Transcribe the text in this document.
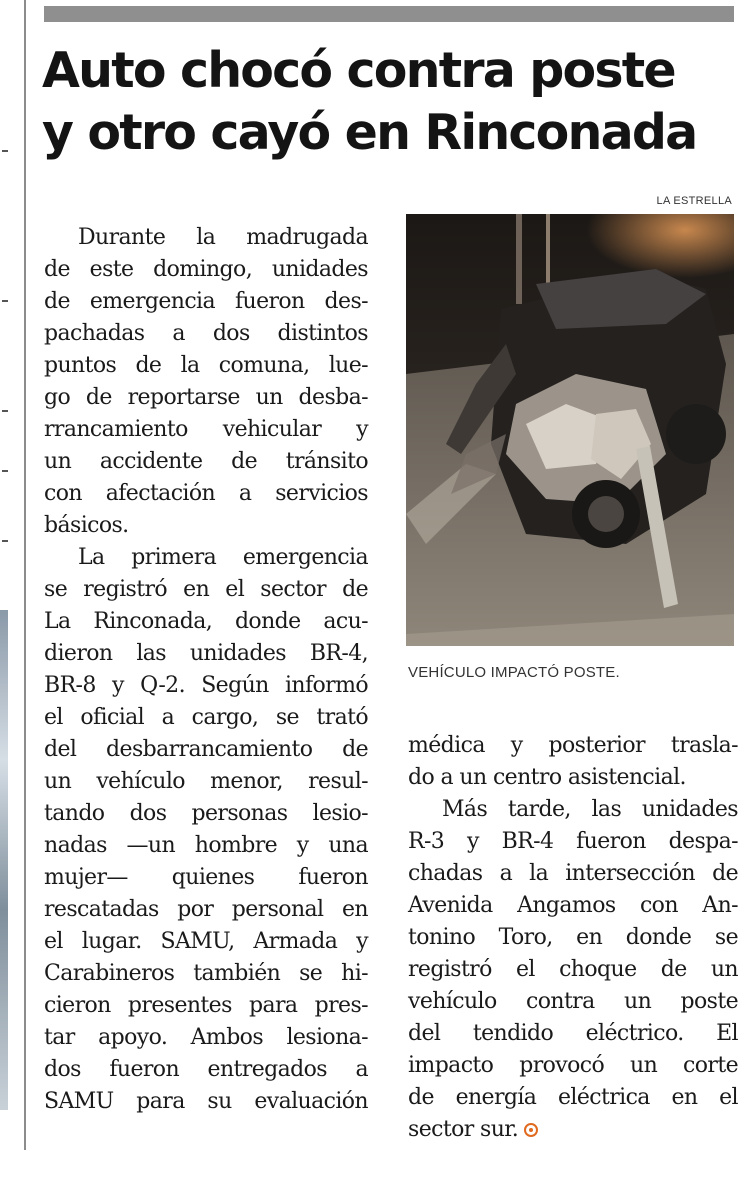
Auto chocó contra poste
y otro cayó en Rinconada
LA ESTRELLA
VEHÍCULO IMPACTÓ POSTE.
Durante la madrugada
de este domingo, unidades
de emergencia fueron des-
pachadas a dos distintos
puntos de la comuna, lue-
go de reportarse un desba-
rrancamiento vehicular y
un accidente de tránsito
con afectación a servicios
básicos.
La primera emergencia
se registró en el sector de
La Rinconada, donde acu-
dieron las unidades BR-4,
BR-8 y Q-2. Según informó
el oficial a cargo, se trató
del desbarrancamiento de
un vehículo menor, resul-
tando dos personas lesio-
nadas —un hombre y una
mujer— quienes fueron
rescatadas por personal en
el lugar. SAMU, Armada y
Carabineros también se hi-
cieron presentes para pres-
tar apoyo. Ambos lesiona-
dos fueron entregados a
SAMU para su evaluación
médica y posterior trasla-
do a un centro asistencial.
Más tarde, las unidades
R-3 y BR-4 fueron despa-
chadas a la intersección de
Avenida Angamos con An-
tonino Toro, en donde se
registró el choque de un
vehículo contra un poste
del tendido eléctrico. El
impacto provocó un corte
de energía eléctrica en el
sector sur.
